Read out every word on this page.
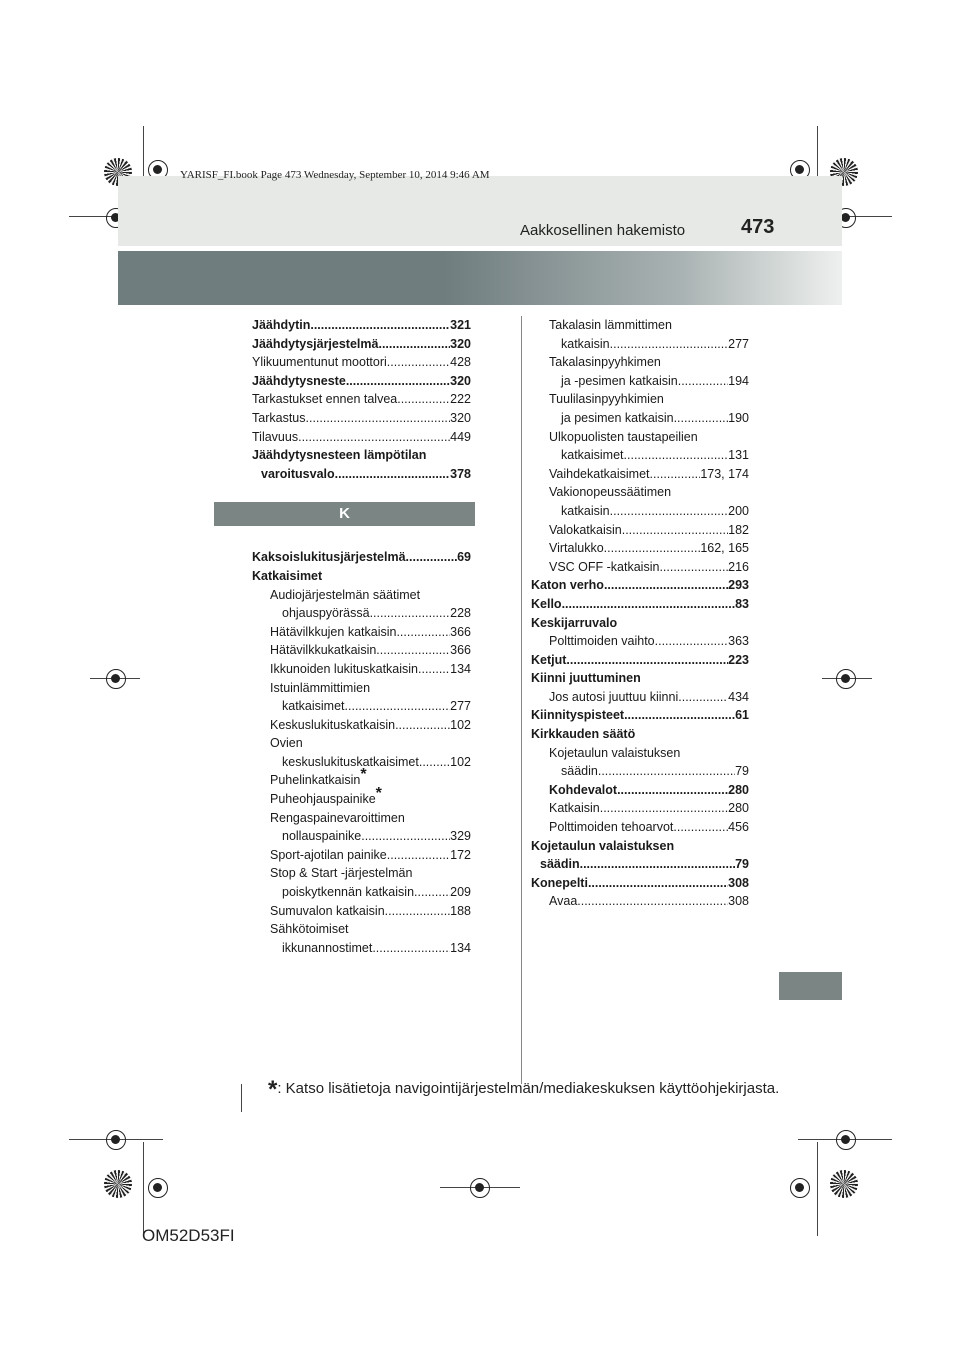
YARISF_FI.book Page 473 Wednesday, September 10, 2014 9:46 AM
Aakkosellinen hakemisto	473
Jäähdytin .....	321
Jäähdytysjärjestelmä .....	320
Ylikuumentunut moottori .....	428
Jäähdytysneste .....	320
Tarkastukset ennen talvea .....	222
Tarkastus .....	320
Tilavuus .....	449
Jäähdytysnesteen lämpötilan
varoitusvalo .....	378
K
Kaksoislukitusjärjestelmä .....	69
Katkaisimet
Audiojärjestelmän säätimet
ohjauspyörässä .....	228
Hätävilkkujen katkaisin .....	366
Hätävilkkukatkaisin .....	366
Ikkunoiden lukituskatkaisin .....	134
Istuinlämmittimien
katkaisimet .....	277
Keskuslukituskatkaisin .....	102
Ovien
keskuslukituskatkaisimet .....	102
Puhelinkatkaisin*
Puheohjauspainike*
Rengaspainevaroittimen
nollauspainike .....	329
Sport-ajotilan painike .....	172
Stop & Start -järjestelmän
poiskytkennän katkaisin .....	209
Sumuvalon katkaisin .....	188
Sähkötoimiset
ikkunannostimet .....	134
Takalasin lämmittimen
katkaisin .....	277
Takalasinpyyhkimen
ja -pesimen katkaisin .....	194
Tuulilasinpyyhkimien
ja pesimen katkaisin .....	190
Ulkopuolisten taustapeilien
katkaisimet .....	131
Vaihdekatkaisimet .....	173, 174
Vakionopeussäätimen
katkaisin .....	200
Valokatkaisin .....	182
Virtalukko .....	162, 165
VSC OFF -katkaisin .....	216
Katon verho .....	293
Kello .....	83
Keskijarruvalo
Polttimoiden vaihto .....	363
Ketjut .....	223
Kiinni juuttuminen
Jos autosi juuttuu kiinni .....	434
Kiinnityspisteet .....	61
Kirkkauden säätö
Kojetaulun valaistuksen
säädin .....	79
Kohdevalot .....	280
Katkaisin .....	280
Polttimoiden tehoarvot .....	456
Kojetaulun valaistuksen
säädin .....	79
Konepelti .....	308
Avaa .....	308
*: Katso lisätietoja navigointijärjestelmän/mediakeskuksen käyttöohjekirjasta.
OM52D53FI
